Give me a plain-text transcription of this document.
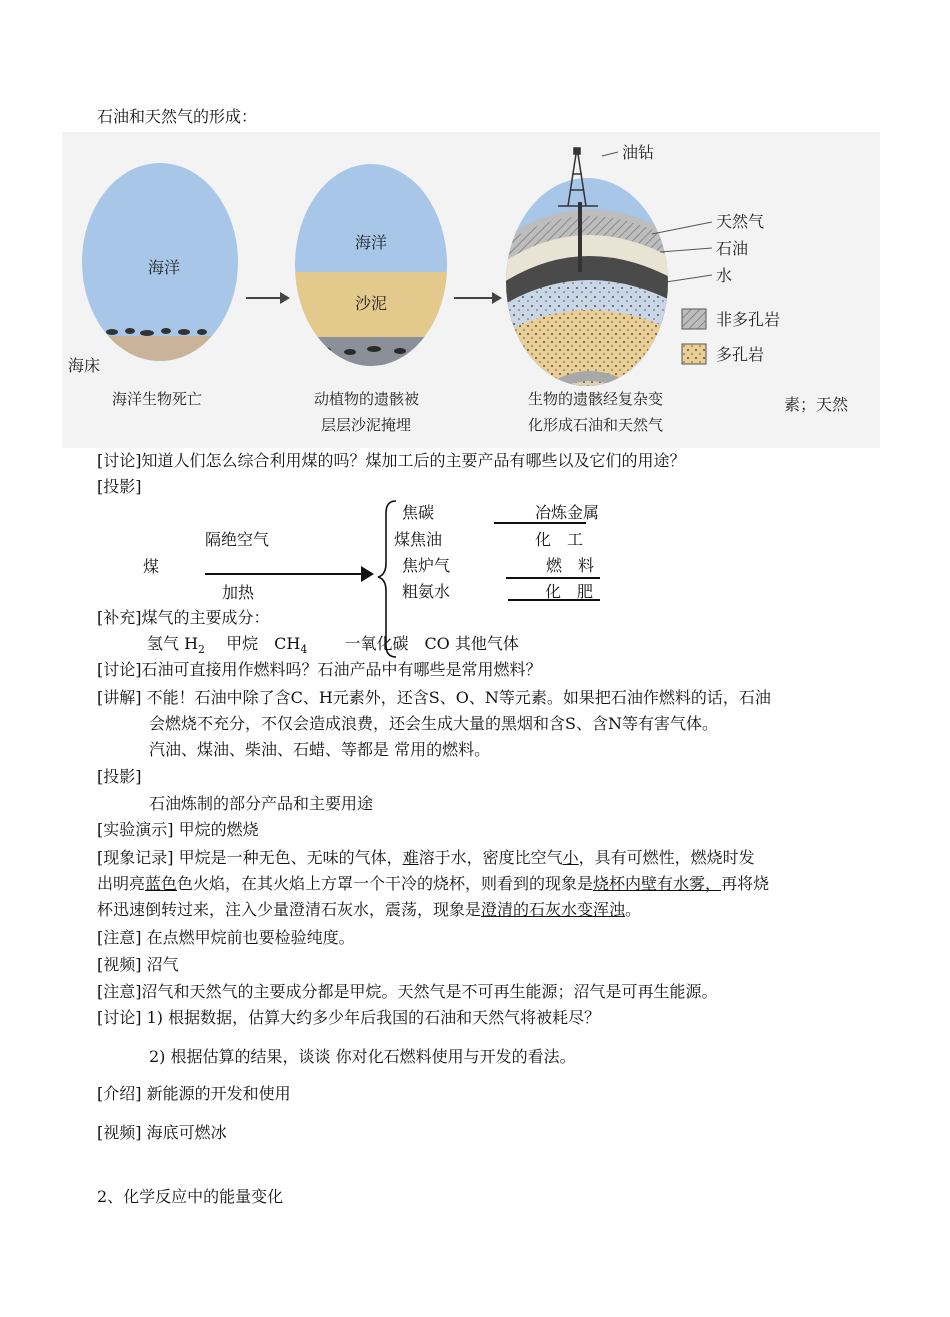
石油和天然气的形成：
海洋
海床
海洋生物死亡
海洋
沙泥
动植物的遗骸被
层层沙泥掩埋
油钻
天然气
石油
水
非多孔岩
多孔岩
生物的遗骸经复杂变
化形成石油和天然气
素；天然
[讨论]知道人们怎么综合利用煤的吗？煤加工后的主要产品有哪些以及它们的用途？
[投影]
煤
隔绝空气
加热
焦碳
煤焦油
焦炉气
粗氨水
冶炼金属
化　工
燃　料
化　肥
[补充]煤气的主要成分：
氢气 $H_2$　 甲烷　$CH_4$　　 一氧化碳　CO 其他气体
[讨论]石油可直接用作燃料吗？石油产品中有哪些是常用燃料？
[讲解] 不能！石油中除了含C、H元素外，还含S、O、N等元素。如果把石油作燃料的话，石油
会燃烧不充分，不仅会造成浪费，还会生成大量的黑烟和含S、含N等有害气体。
汽油、煤油、柴油、石蜡、等都是 常用的燃料。
[投影]
石油炼制的部分产品和主要用途
[实验演示] 甲烷的燃烧
[现象记录] 甲烷是一种无色、无味的气体，难溶于水，密度比空气小，具有可燃性，燃烧时发
出明亮蓝色色火焰，在其火焰上方罩一个干冷的烧杯，则看到的现象是烧杯内壁有水雾，再将烧
杯迅速倒转过来，注入少量澄清石灰水，震荡，现象是澄清的石灰水变浑浊。
[注意] 在点燃甲烷前也要检验纯度。
[视频] 沼气
[注意]沼气和天然气的主要成分都是甲烷。天然气是不可再生能源；沼气是可再生能源。
[讨论] 1) 根据数据，估算大约多少年后我国的石油和天然气将被耗尽？
2) 根据估算的结果，谈谈 你对化石燃料使用与开发的看法。
[介绍] 新能源的开发和使用
[视频] 海底可燃冰
2、化学反应中的能量变化
